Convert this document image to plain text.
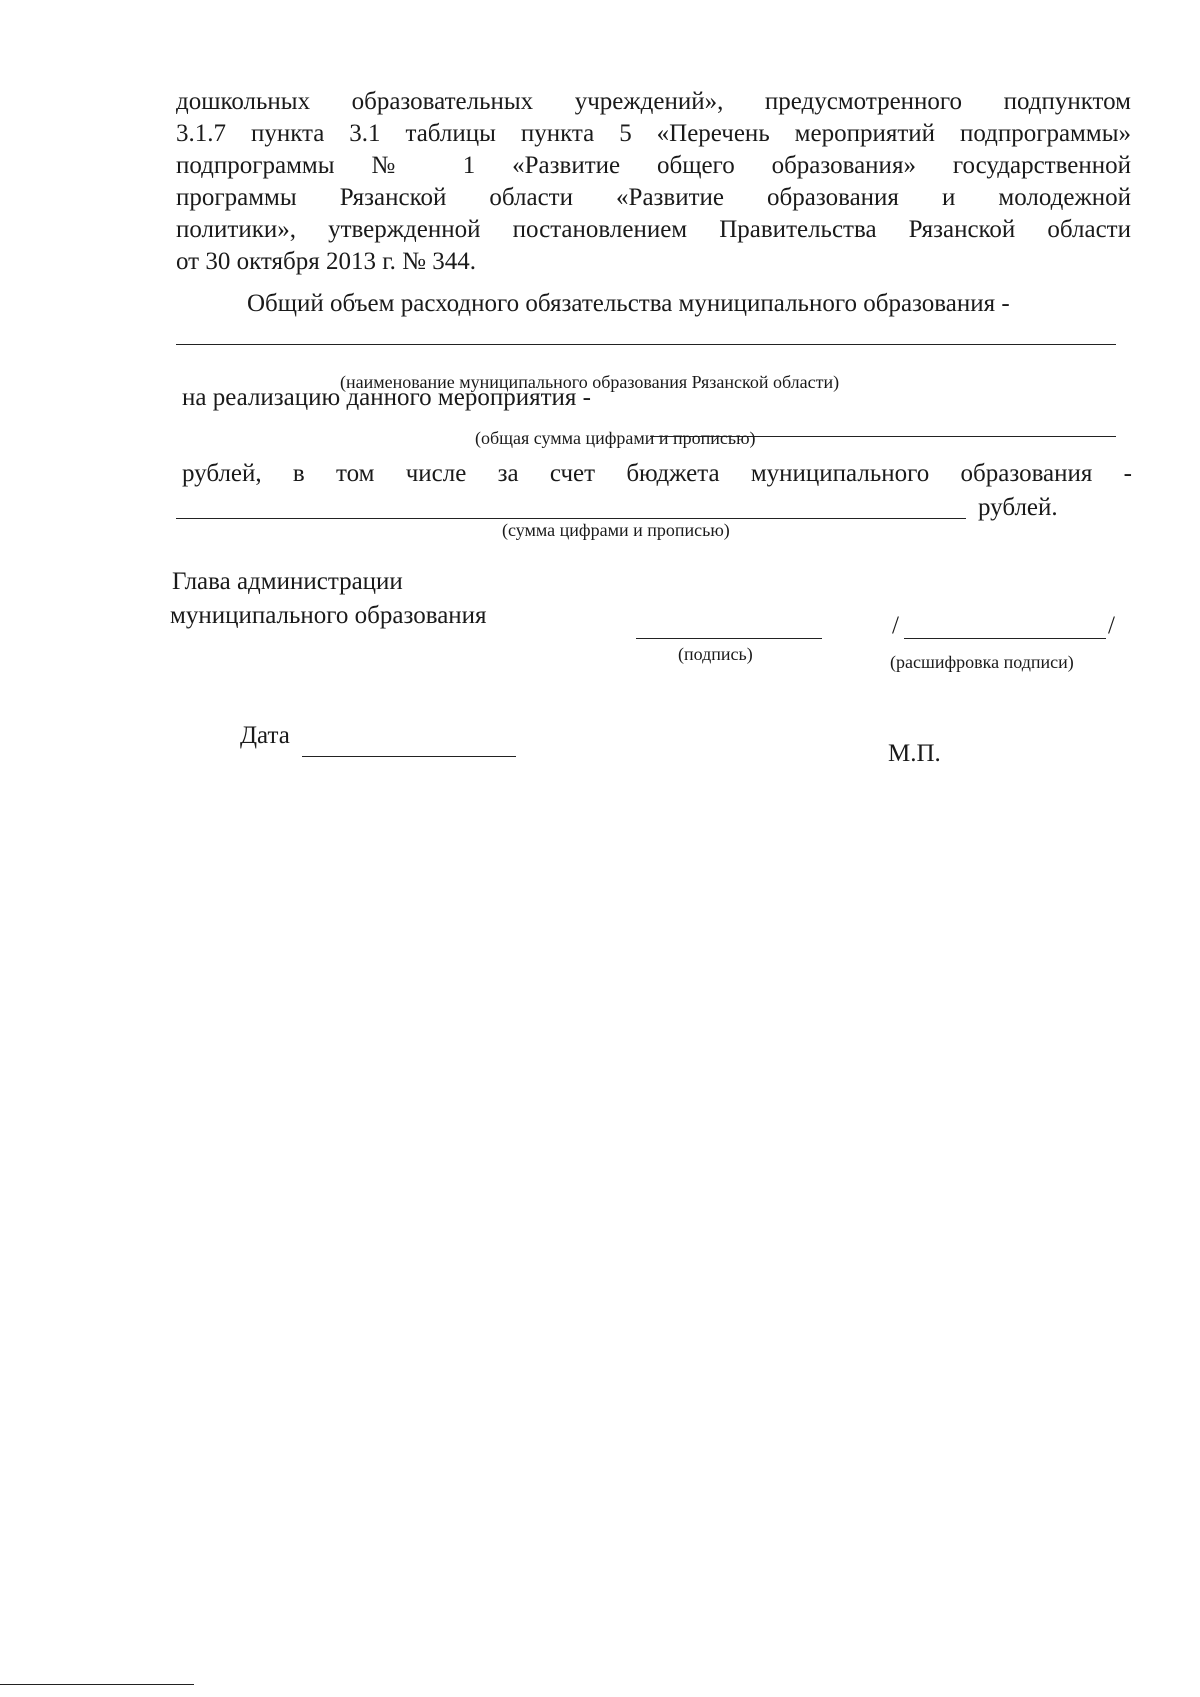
дошкольных образовательных учреждений», предусмотренного подпунктом
3.1.7 пункта 3.1 таблицы пункта 5 «Перечень мероприятий подпрограммы»
подпрограммы № 1 «Развитие общего образования» государственной
программы Рязанской области «Развитие образования и молодежной
политики», утвержденной постановлением Правительства Рязанской области
от 30 октября 2013 г. № 344.
Общий объем расходного обязательства муниципального образования -
(наименование муниципального образования Рязанской области)
на реализацию данного мероприятия -
(общая сумма цифрами и прописью)
рублей, в том числе за счет бюджета муниципального образования -
рублей.
(сумма цифрами и прописью)
Глава администрации
муниципального образования
(подпись)
/	/
(расшифровка подписи)
Дата
М.П.
